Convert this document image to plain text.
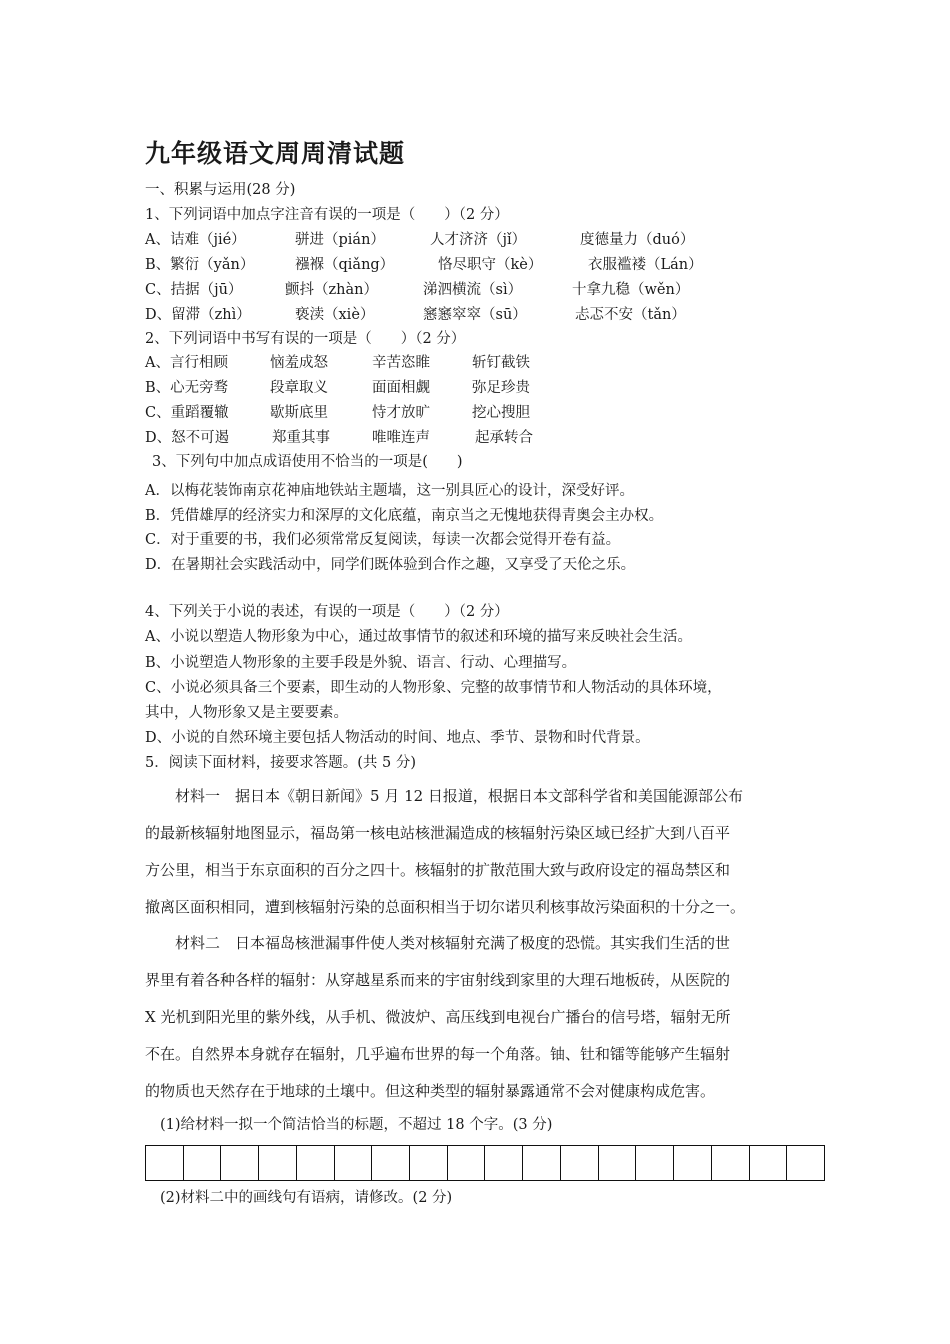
九年级语文周周清试题
一、积累与运用(28 分)
1、下列词语中加点字注音有误的一项是（　　）（2 分）
A、诘难（jié）	骈进（pián）	人才济济（jǐ）	度德量力（duó）
B、繁衍（yǎn）	襁褓（qiǎng）	恪尽职守（kè）	衣服褴褛（Lán）
C、拮据（jū）	颤抖（zhàn）	涕泗横流（sì）	十拿九稳（wěn）
D、留滞（zhì）	亵渎（xiè）	窸窸窣窣（sū）	忐忑不安（tǎn）
2、下列词语中书写有误的一项是（　　）（2 分）
A、言行相顾	恼羞成怒	辛苦恣睢	斩钉截铁
B、心无旁骛	段章取义	面面相觑	弥足珍贵
C、重蹈覆辙	歇斯底里	恃才放旷	挖心搜胆
D、怒不可遏	郑重其事	唯唯连声	起承转合
3、下列句中加点成语使用不恰当的一项是(　　)
A．以梅花装饰南京花神庙地铁站主题墙，这一别具匠心的设计，深受好评。
B．凭借雄厚的经济实力和深厚的文化底蕴，南京当之无愧地获得青奥会主办权。
C．对于重要的书，我们必须常常反复阅读，每读一次都会觉得开卷有益。
D．在暑期社会实践活动中，同学们既体验到合作之趣，又享受了天伦之乐。
4、下列关于小说的表述，有误的一项是（　　）（2 分）
A、小说以塑造人物形象为中心，通过故事情节的叙述和环境的描写来反映社会生活。
B、小说塑造人物形象的主要手段是外貌、语言、行动、心理描写。
C、小说必须具备三个要素，即生动的人物形象、完整的故事情节和人物活动的具体环境，
其中，人物形象又是主要要素。
D、小说的自然环境主要包括人物活动的时间、地点、季节、景物和时代背景。
5．阅读下面材料，接要求答题。(共 5 分)
材料一　据日本《朝日新闻》5 月 12 日报道，根据日本文部科学省和美国能源部公布
的最新核辐射地图显示，福岛第一核电站核泄漏造成的核辐射污染区域已经扩大到八百平
方公里，相当于东京面积的百分之四十。核辐射的扩散范围大致与政府设定的福岛禁区和
撤离区面积相同，遭到核辐射污染的总面积相当于切尔诺贝利核事故污染面积的十分之一。
材料二　日本福岛核泄漏事件使人类对核辐射充满了极度的恐慌。其实我们生活的世
界里有着各种各样的辐射：从穿越星系而来的宇宙射线到家里的大理石地板砖，从医院的
X 光机到阳光里的紫外线，从手机、微波炉、高压线到电视台广播台的信号塔，辐射无所
不在。自然界本身就存在辐射，几乎遍布世界的每一个角落。铀、钍和镭等能够产生辐射
的物质也天然存在于地球的土壤中。但这种类型的辐射暴露通常不会对健康构成危害。
(1)给材料一拟一个简洁恰当的标题，不超过 18 个字。(3 分)
(2)材料二中的画线句有语病，请修改。(2 分)
